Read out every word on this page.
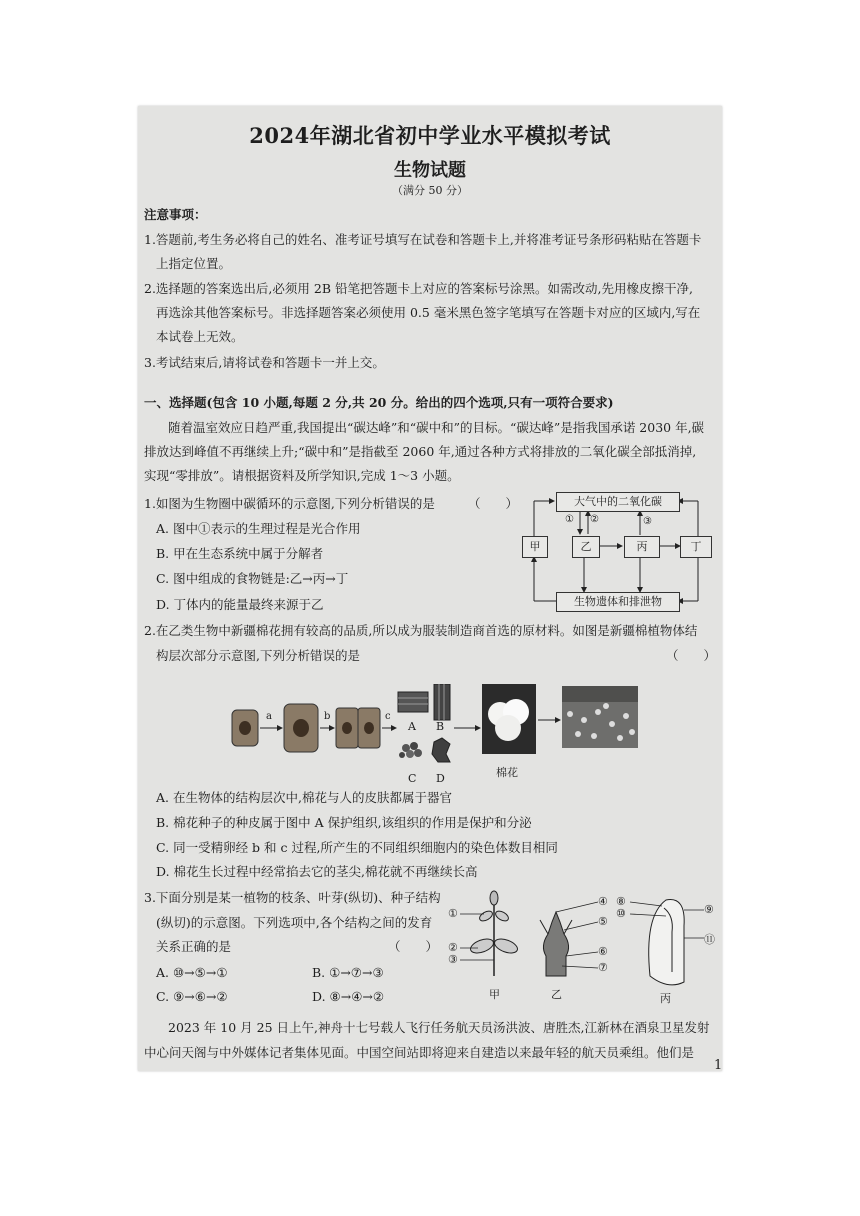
2024年湖北省初中学业水平模拟考试
生物试题
（满分 50 分）
注意事项：
1.答题前,考生务必将自己的姓名、准考证号填写在试卷和答题卡上,并将准考证号条形码粘贴在答题卡
上指定位置。
2.选择题的答案选出后,必须用 2B 铅笔把答题卡上对应的答案标号涂黑。如需改动,先用橡皮擦干净,
再选涂其他答案标号。非选择题答案必须使用 0.5 毫米黑色签字笔填写在答题卡对应的区域内,写在
本试卷上无效。
3.考试结束后,请将试卷和答题卡一并上交。
一、选择题(包含 10 小题,每题 2 分,共 20 分。给出的四个选项,只有一项符合要求)
随着温室效应日趋严重,我国提出“碳达峰”和“碳中和”的目标。“碳达峰”是指我国承诺 2030 年,碳
排放达到峰值不再继续上升;“碳中和”是指截至 2060 年,通过各种方式将排放的二氧化碳全部抵消掉,
实现“零排放”。请根据资料及所学知识,完成 1～3 小题。
1.如图为生物圈中碳循环的示意图,下列分析错误的是	（　　）
A. 图中①表示的生理过程是光合作用
B. 甲在生态系统中属于分解者
C. 图中组成的食物链是:乙→丙→丁
D. 丁体内的能量最终来源于乙
大气中的二氧化碳
甲	乙	丙	丁
生物遗体和排泄物
① ②	③
2.在乙类生物中新疆棉花拥有较高的品质,所以成为服装制造商首选的原材料。如图是新疆棉植物体结
构层次部分示意图,下列分析错误的是	（　　）
a	b	c
A B
C D	棉花
A. 在生物体的结构层次中,棉花与人的皮肤都属于器官
B. 棉花种子的种皮属于图中 A 保护组织,该组织的作用是保护和分泌
C. 同一受精卵经 b 和 c 过程,所产生的不同组织细胞内的染色体数目相同
D. 棉花生长过程中经常掐去它的茎尖,棉花就不再继续长高
3.下面分别是某一植物的枝条、叶芽(纵切)、种子结构
(纵切)的示意图。下列选项中,各个结构之间的发育
关系正确的是	（　　）
A. ⑩→⑤→①	B. ①→⑦→③
C. ⑨→⑥→②	D. ⑧→④→②
①
②
③
④
⑤
⑥
⑦
⑧
⑨
⑩
⑪
甲	乙	丙
2023 年 10 月 25 日上午,神舟十七号载人飞行任务航天员汤洪波、唐胜杰,江新林在酒泉卫星发射
中心问天阁与中外媒体记者集体见面。中国空间站即将迎来自建造以来最年轻的航天员乘组。他们是
1
